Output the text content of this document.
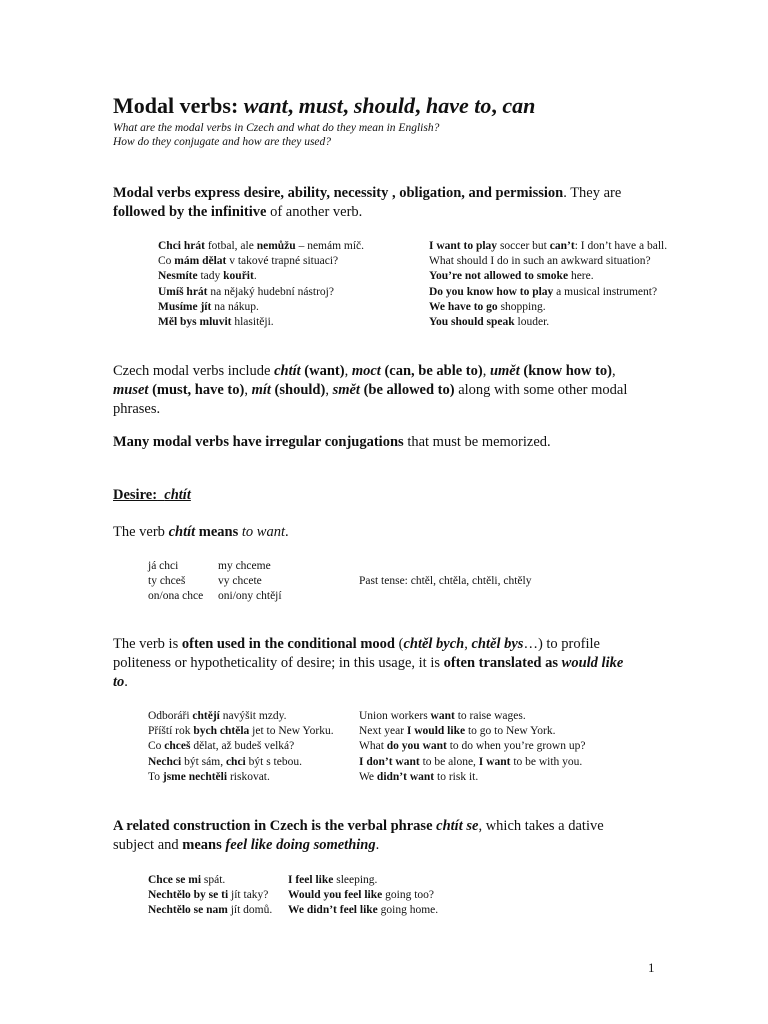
Modal verbs: want, must, should, have to, can
What are the modal verbs in Czech and what do they mean in English?
How do they conjugate and how are they used?
Modal verbs express desire, ability, necessity , obligation, and permission. They are
followed by the infinitive of another verb.
Chci hrát fotbal, ale nemůžu – nemám míč.
Co mám dělat v takové trapné situaci?
Nesmíte tady kouřit.
Umíš hrát na nějaký hudební nástroj?
Musíme jít na nákup.
Měl bys mluvit hlasitěji.
I want to play soccer but can’t: I don’t have a ball.
What should I do in such an awkward situation?
You’re not allowed to smoke here.
Do you know how to play a musical instrument?
We have to go shopping.
You should speak louder.
Czech modal verbs include chtít (want), moct (can, be able to), umět (know how to),
muset (must, have to), mít (should), smět (be allowed to) along with some other modal
phrases.
Many modal verbs have irregular conjugations that must be memorized.
Desire: chtít
The verb chtít means to want.
já chci
ty chceš
on/ona chce
my chceme
vy chcete
oni/ony chtějí
Past tense: chtěl, chtěla, chtěli, chtěly
The verb is often used in the conditional mood (chtěl bych, chtěl bys…) to profile
politeness or hypotheticality of desire; in this usage, it is often translated as would like
to.
Odboráři chtějí navýšit mzdy.
Příští rok bych chtěla jet to New Yorku.
Co chceš dělat, až budeš velká?
Nechci být sám, chci být s tebou.
To jsme nechtěli riskovat.
Union workers want to raise wages.
Next year I would like to go to New York.
What do you want to do when you’re grown up?
I don’t want to be alone, I want to be with you.
We didn’t want to risk it.
A related construction in Czech is the verbal phrase chtít se, which takes a dative
subject and means feel like doing something.
Chce se mi spát.
Nechtělo by se ti jít taky?
Nechtělo se nam jít domů.
I feel like sleeping.
Would you feel like going too?
We didn’t feel like going home.
1
